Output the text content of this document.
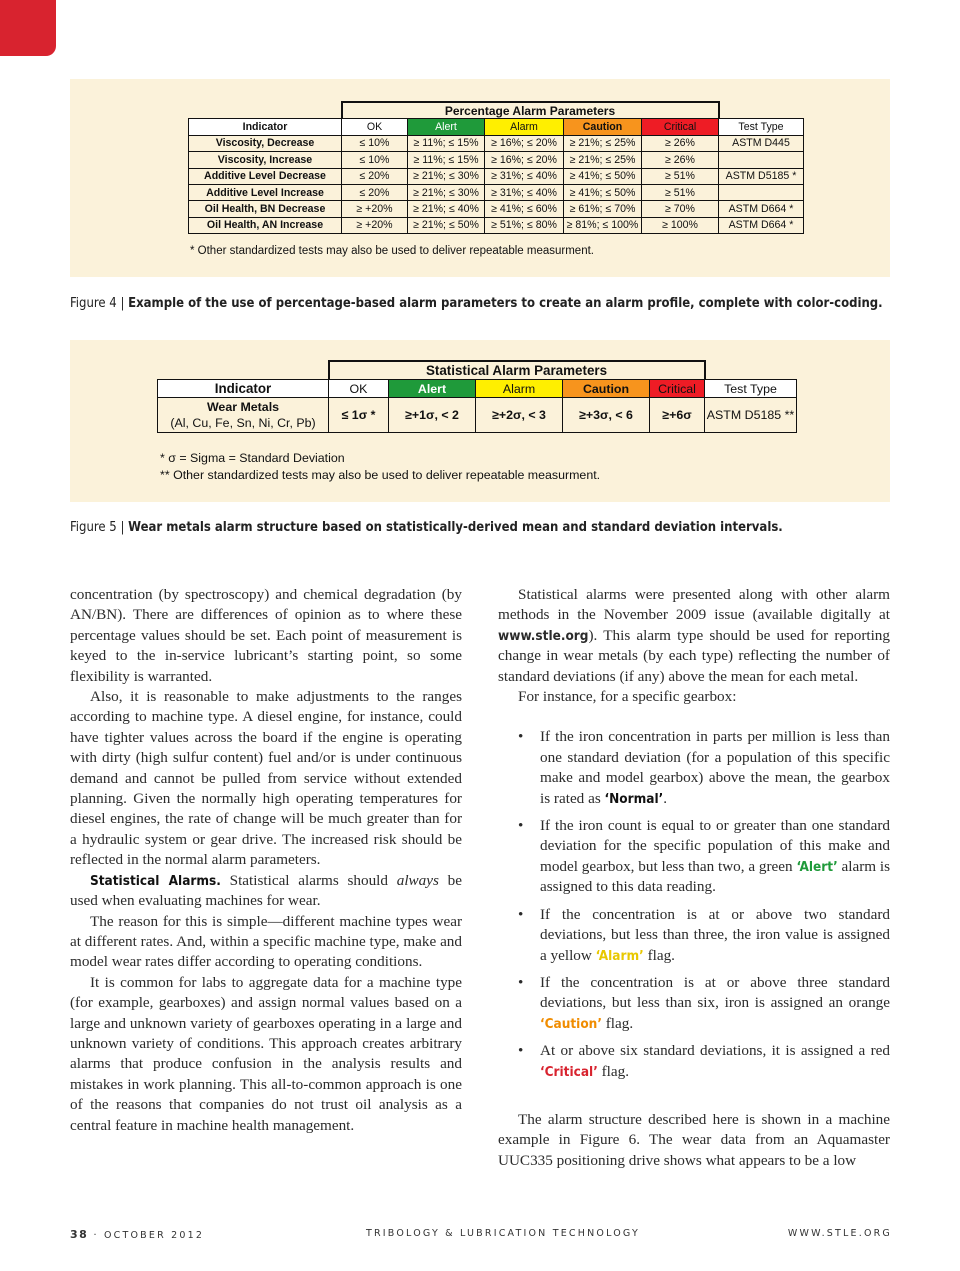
	Percentage Alarm Parameters					
Indicator	OK	Alert	Alarm	Caution	Critical	Test Type
Viscosity, Decrease	≤ 10%	≥ 11%; ≤ 15%	≥ 16%; ≤ 20%	≥ 21%; ≤ 25%	≥ 26%	ASTM D445
Viscosity, Increase	≤ 10%	≥ 11%; ≤ 15%	≥ 16%; ≤ 20%	≥ 21%; ≤ 25%	≥ 26%	
Additive Level Decrease	≤ 20%	≥ 21%; ≤ 30%	≥ 31%; ≤ 40%	≥ 41%; ≤ 50%	≥ 51%	ASTM D5185 *
Additive Level Increase	≤ 20%	≥ 21%; ≤ 30%	≥ 31%; ≤ 40%	≥ 41%; ≤ 50%	≥ 51%	
Oil Health, BN Decrease	≥ +20%	≥ 21%; ≤ 40%	≥ 41%; ≤ 60%	≥ 61%; ≤ 70%	≥ 70%	ASTM D664 *
Oil Health, AN Increase	≥ +20%	≥ 21%; ≤ 50%	≥ 51%; ≤ 80%	≥ 81%; ≤ 100%	≥ 100%	ASTM D664 *
* Other standardized tests may also be used to deliver repeatable measurment.
Figure 4 | Example of the use of percentage-based alarm parameters to create an alarm profile, complete with color-coding.
	Statistical Alarm Parameters					
Indicator	OK	Alert	Alarm	Caution	Critical	Test Type

Wear Metals
(Al, Cu, Fe, Sn, Ni, Cr, Pb)	≤ 1σ *	≥+1σ, < 2	≥+2σ, < 3	≥+3σ, < 6	≥+6σ	ASTM D5185 **
* σ = Sigma = Standard Deviation
** Other standardized tests may also be used to deliver repeatable measurment.
Figure 5 | Wear metals alarm structure based on statistically-derived mean and standard deviation intervals.

concentration (by spectroscopy) and chemical degradation (by AN/BN). There are differences of opinion as to where these percentage values should be set. Each point of measurement is keyed to the in-service lubricant’s starting point, so some flexibility is warranted.

Also, it is reasonable to make adjustments to the ranges according to machine type. A diesel engine, for instance, could have tighter values across the board if the engine is operating with dirty (high sulfur content) fuel and/or is under continuous demand and cannot be pulled from service without extended planning. Given the normally high operating temperatures for diesel engines, the rate of change will be much greater than for a hydraulic system or gear drive. The increased risk should be reflected in the normal alarm parameters.

Statistical Alarms. Statistical alarms should always be used when evaluating machines for wear.

The reason for this is simple—different machine types wear at different rates. And, within a specific machine type, make and model wear rates differ according to operating conditions.

It is common for labs to aggregate data for a machine type (for example, gearboxes) and assign normal values based on a large and unknown variety of gearboxes operating in a large and unknown variety of conditions. This approach creates arbitrary alarms that produce confusion in the analysis results and mistakes in work planning. This all-to-common approach is one of the reasons that companies do not trust oil analysis as a central feature in machine health management.

Statistical alarms were presented along with other alarm methods in the November 2009 issue (available digitally at www.stle.org). This alarm type should be used for reporting change in wear metals (by each type) reflecting the number of standard deviations (if any) above the mean for each metal.

For instance, for a specific gearbox:

• If the iron concentration in parts per million is less than one standard deviation (for a population of this specific make and model gearbox) above the mean, the gearbox is rated as ‘Normal’.
• If the iron count is equal to or greater than one standard deviation for the specific population of this make and model gearbox, but less than two, a green ‘Alert’ alarm is assigned to this data reading.
• If the concentration is at or above two standard deviations, but less than three, the iron value is assigned a yellow ‘Alarm’ flag.
• If the concentration is at or above three standard deviations, but less than six, iron is assigned an orange ‘Caution’ flag.
• At or above six standard deviations, it is assigned a red ‘Critical’ flag.

The alarm structure described here is shown in a machine example in Figure 6. The wear data from an Aquamaster UUC335 positioning drive shows what appears to be a low

38 · OCTOBER 2012	TRIBOLOGY & LUBRICATION TECHNOLOGY	WWW.STLE.ORG
